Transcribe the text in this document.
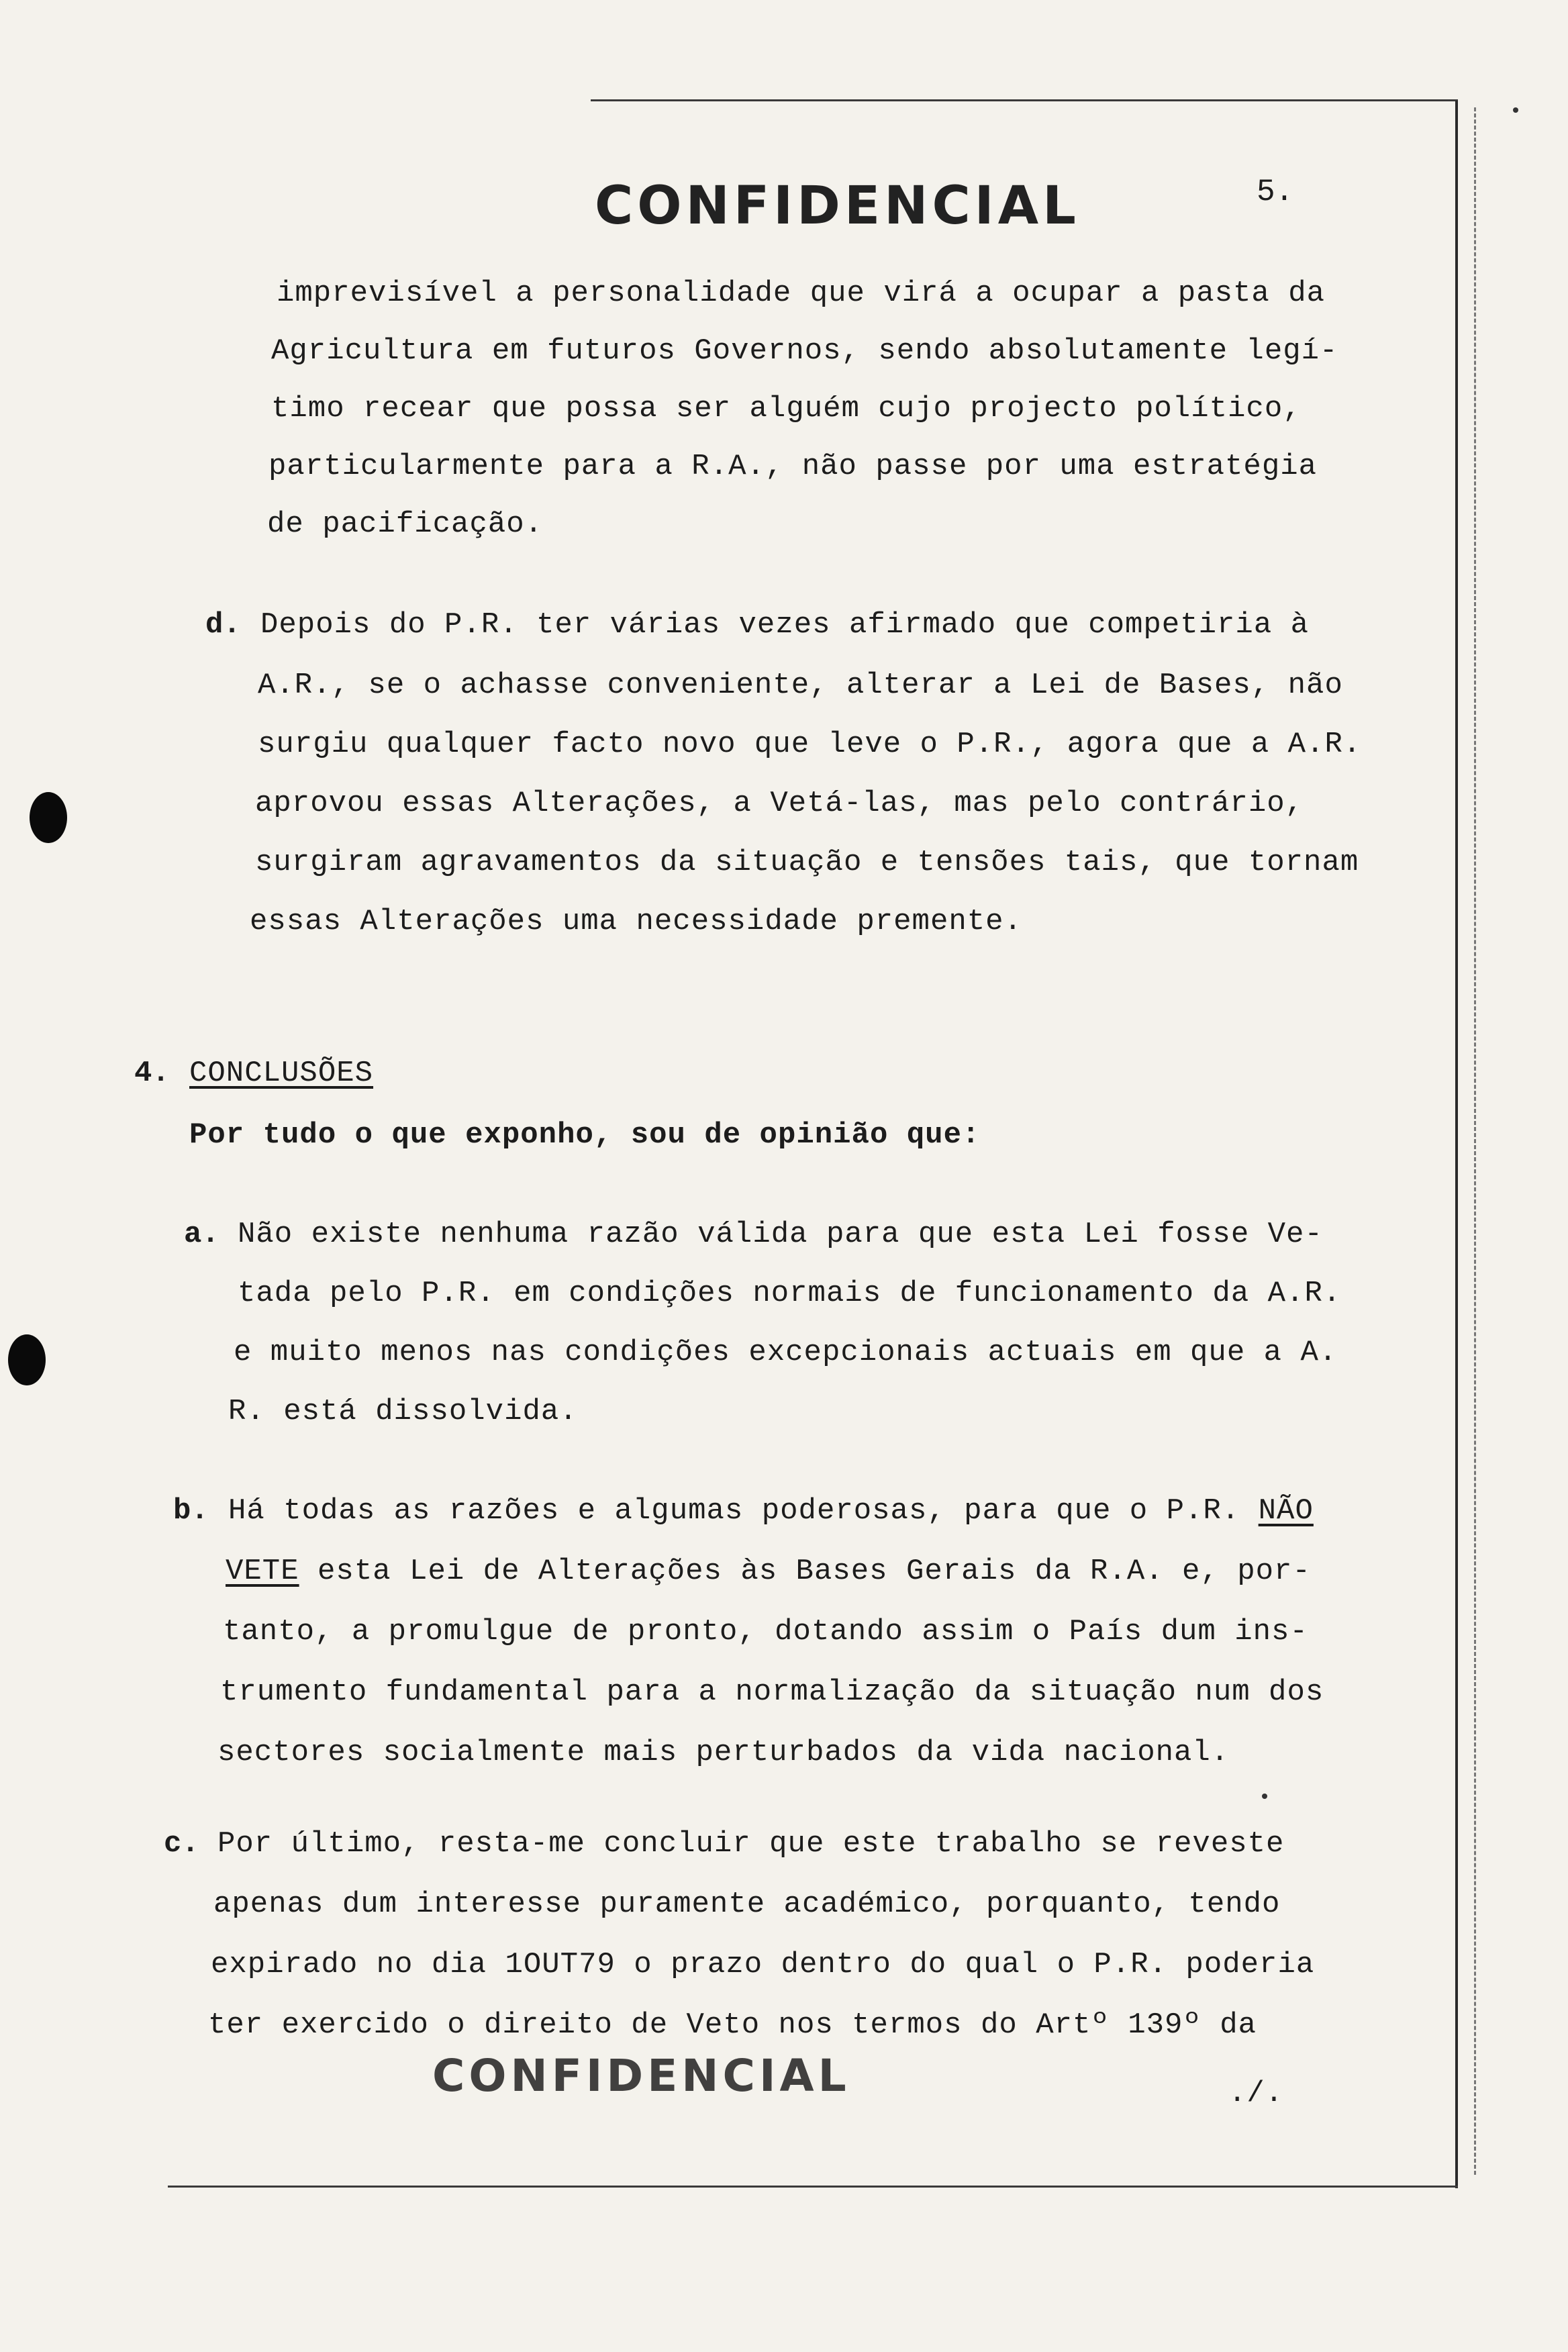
CONFIDENCIAL	5.
imprevisível a personalidade que virá a ocupar a pasta da
Agricultura em futuros Governos, sendo absolutamente legí-
timo recear que possa ser alguém cujo projecto político,
particularmente para a R.A., não passe por uma estratégia
de pacificação.
d. Depois do P.R. ter várias vezes afirmado que competiria à
A.R., se o achasse conveniente, alterar a Lei de Bases, não
surgiu qualquer facto novo que leve o P.R., agora que a A.R.
aprovou essas Alterações, a Vetá-las, mas pelo contrário,
surgiram agravamentos da situação e tensões tais, que tornam
essas Alterações uma necessidade premente.
4. CONCLUSÕES
Por tudo o que exponho, sou de opinião que:
a. Não existe nenhuma razão válida para que esta Lei fosse Ve-
tada pelo P.R. em condições normais de funcionamento da A.R.
e muito menos nas condições excepcionais actuais em que a A.
R. está dissolvida.
b. Há todas as razões e algumas poderosas, para que o P.R. NÃO
VETE esta Lei de Alterações às Bases Gerais da R.A. e, por-
tanto, a promulgue de pronto, dotando assim o País dum ins-
trumento fundamental para a normalização da situação num dos
sectores socialmente mais perturbados da vida nacional.
c. Por último, resta-me concluir que este trabalho se reveste
apenas dum interesse puramente académico, porquanto, tendo
expirado no dia 1OUT79 o prazo dentro do qual o P.R. poderia
ter exercido o direito de Veto nos termos do Artº 139º da
CONFIDENCIAL	./.
